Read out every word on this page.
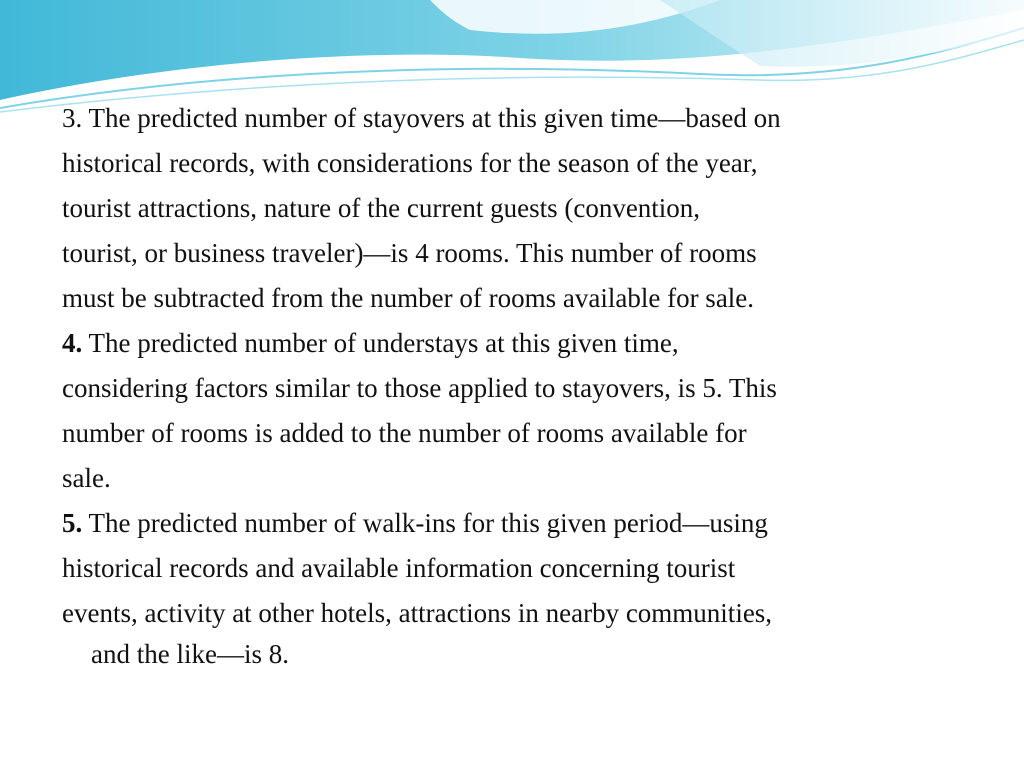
3. The predicted number of stayovers at this given time—based on
historical records, with considerations for the season of the year,
tourist attractions, nature of the current guests (convention,
tourist, or business traveler)—is 4 rooms. This number of rooms
must be subtracted from the number of rooms available for sale.

4. The predicted number of understays at this given time,
considering factors similar to those applied to stayovers, is 5. This
number of rooms is added to the number of rooms available for
sale.

5. The predicted number of walk-ins for this given period—using
historical records and available information concerning tourist
events, activity at other hotels, attractions in nearby communities,
and the like—is 8.
